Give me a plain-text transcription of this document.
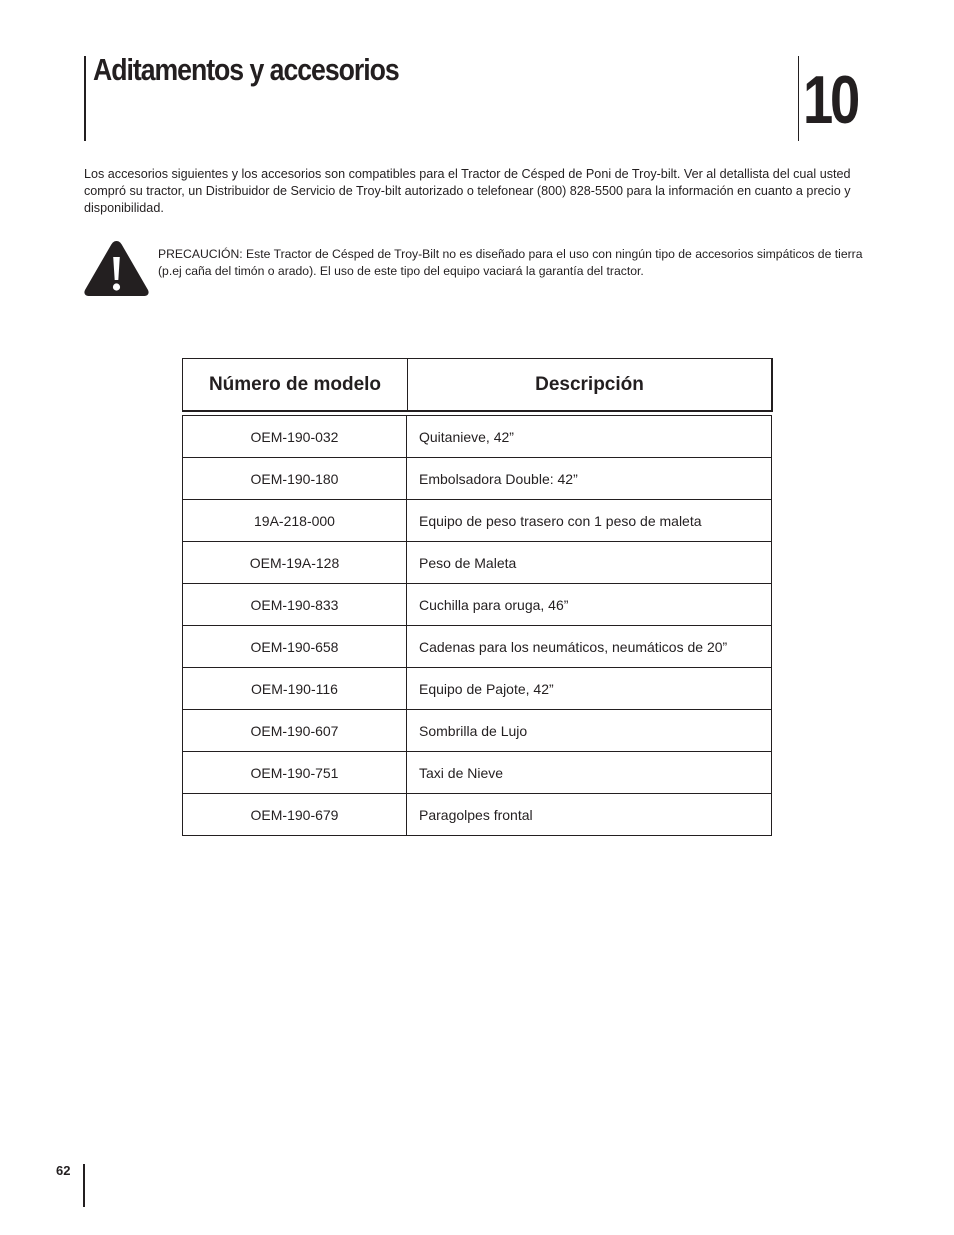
Aditamentos y accesorios	10

Los accesorios siguientes y los accesorios son compatibles para el Tractor de Césped de Poni de Troy-bilt. Ver al detallista del cual usted compró su tractor, un Distribuidor de Servicio de Troy-bilt autorizado o telefonear (800) 828-5500 para la información en cuanto a precio y disponibilidad.

PRECAUCIÓN: Este Tractor de Césped de Troy-Bilt no es diseñado para el uso con ningún tipo de accesorios simpáticos de tierra (p.ej caña del timón o arado). El uso de este tipo del equipo vaciará la garantía del tractor.

Número de modelo	Descripción
OEM-190-032	Quitanieve, 42”
OEM-190-180	Embolsadora Double: 42”
19A-218-000	Equipo de peso trasero con 1 peso de maleta
OEM-19A-128	Peso de Maleta
OEM-190-833	Cuchilla para oruga, 46”
OEM-190-658	Cadenas para los neumáticos, neumáticos de 20”
OEM-190-116	Equipo de Pajote, 42”
OEM-190-607	Sombrilla de Lujo
OEM-190-751	Taxi de Nieve
OEM-190-679	Paragolpes frontal
62
